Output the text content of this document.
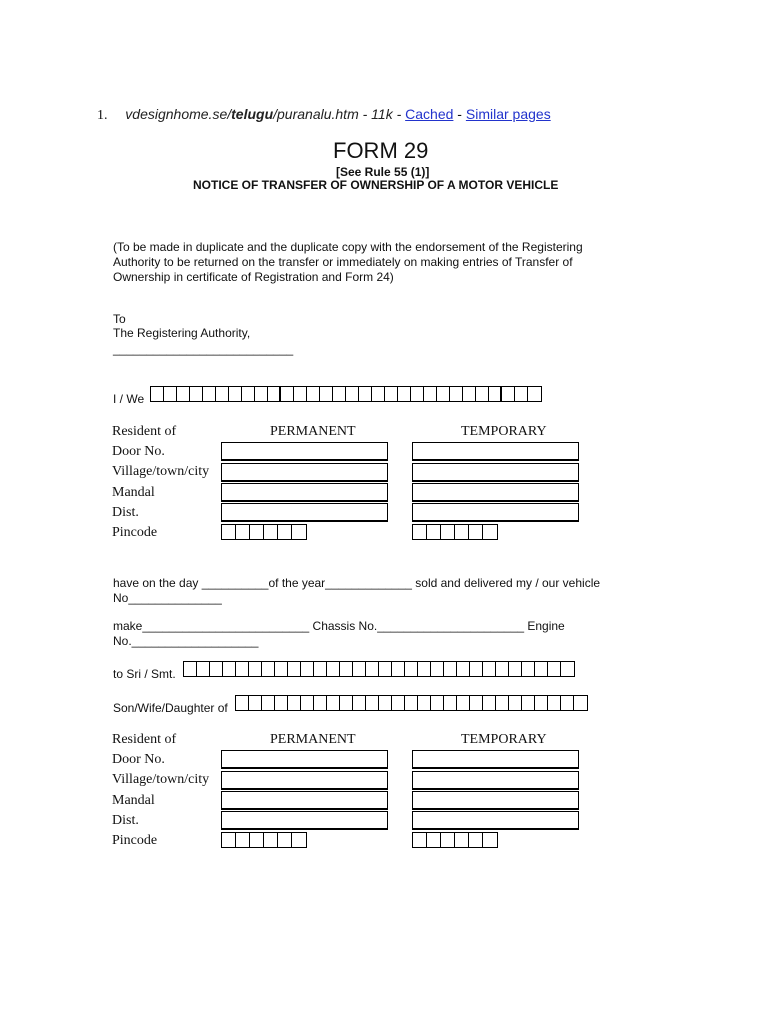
1. vdesignhome.se/telugu/puranalu.htm - 11k - Cached - Similar pages
FORM 29
[See Rule 55 (1)]
NOTICE OF TRANSFER OF OWNERSHIP OF A MOTOR VEHICLE
(To be made in duplicate and the duplicate copy with the endorsement of the Registering
Authority to be returned on the transfer or immediately on making entries of Transfer of
Ownership in certificate of Registration and Form 24)
To
The Registering Authority,
___________________________
I / We
Resident of	PERMANENT	TEMPORARY
Door No.
Village/town/city
Mandal
Dist.
Pincode
have on the day __________of the year_____________ sold and delivered my / our vehicle
No______________
make_________________________ Chassis No.______________________ Engine
No.___________________
to Sri / Smt.
Son/Wife/Daughter of
Resident of	PERMANENT	TEMPORARY
Door No.
Village/town/city
Mandal
Dist.
Pincode
